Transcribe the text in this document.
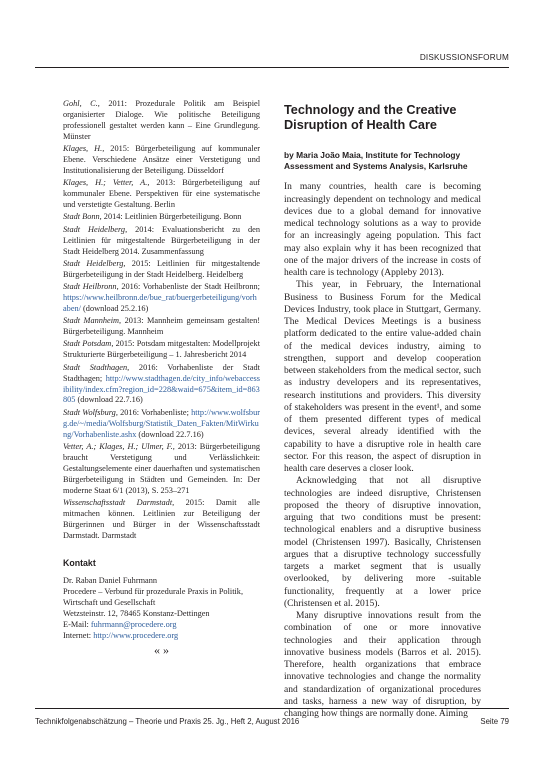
DISKUSSIONSFORUM

Gohl, C., 2011: Prozedurale Politik am Beispiel organisierter Dialoge. Wie politische Beteiligung professionell gestaltet werden kann – Eine Grundlegung. Münster

Klages, H., 2015: Bürgerbeteiligung auf kommunaler Ebene. Verschiedene Ansätze einer Verstetigung und Institutionalisierung der Beteiligung. Düsseldorf

Klages, H.; Vetter, A., 2013: Bürgerbeteiligung auf kommunaler Ebene. Perspektiven für eine systematische und verstetigte Gestaltung. Berlin

Stadt Bonn, 2014: Leitlinien Bürgerbeteiligung. Bonn

Stadt Heidelberg, 2014: Evaluationsbericht zu den Leitlinien für mitgestaltende Bürgerbeteiligung in der Stadt Heidelberg 2014. Zusammenfassung

Stadt Heidelberg, 2015: Leitlinien für mitgestaltende Bürgerbeteiligung in der Stadt Heidelberg. Heidelberg

Stadt Heilbronn, 2016: Vorhabenliste der Stadt Heilbronn; https://www.heilbronn.de/bue_rat/buergerbeteiligung/vorhaben/ (download 25.2.16)

Stadt Mannheim, 2013: Mannheim gemeinsam gestalten! Bürgerbeteiligung. Mannheim

Stadt Potsdam, 2015: Potsdam mitgestalten: Modellprojekt Strukturierte Bürgerbeteiligung – 1. Jahresbericht 2014

Stadt Stadthagen, 2016: Vorhabenliste der Stadt Stadthagen; http://www.stadthagen.de/city_info/webaccessibility/index.cfm?region_id=228&waid=675&item_id=863805 (download 22.7.16)

Stadt Wolfsburg, 2016: Vorhabenliste; http://www.wolfsburg.de/~/media/Wolfsburg/Statistik_Daten_Fakten/MitWirkung/Vorhabenliste.ashx (download 22.7.16)

Vetter, A.; Klages, H.; Ulmer, F., 2013: Bürgerbeteiligung braucht Verstetigung und Verlässlichkeit: Gestaltungselemente einer dauerhaften und systematischen Bürgerbeteiligung in Städten und Gemeinden. In: Der moderne Staat 6/1 (2013), S. 253–271

Wissenschaftsstadt Darmstadt, 2015: Damit alle mitmachen können. Leitlinien zur Beteiligung der Bürgerinnen und Bürger in der Wissenschaftsstadt Darmstadt. Darmstadt

Kontakt

Dr. Raban Daniel Fuhrmann

Procedere – Verbund für prozedurale Praxis in Politik, Wirtschaft und Gesellschaft

Wetzsteinstr. 12, 78465 Konstanz-Dettingen

E-Mail: fuhrmann@procedere.org

Internet: http://www.procedere.org

« »
Technology and the Creative Disruption of Health Care
by Maria João Maia, Institute for Technology Assessment and Systems Analysis, Karlsruhe

In many countries, health care is becoming increasingly dependent on technology and medical devices due to a global demand for innovative medical technology solutions as a way to provide for an increasingly ageing population. This fact may also explain why it has been recognized that one of the major drivers of the increase in costs of health care is technology (Appleby 2013).

This year, in February, the International Business to Business Forum for the Medical Devices Industry, took place in Stuttgart, Germany. The Medical Devices Meetings is a business platform dedicated to the entire value-added chain of the medical devices industry, aiming to strengthen, support and develop cooperation between stakeholders from the medical sector, such as industry developers and its representatives, research institutions and providers. This diversity of stakeholders was present in the event¹, and some of them presented different types of medical devices, several already identified with the capability to have a disruptive role in health care sector. For this reason, the aspect of disruption in health care deserves a closer look.

Acknowledging that not all disruptive technologies are indeed disruptive, Christensen proposed the theory of disruptive innovation, arguing that two conditions must be present: technological enablers and a disruptive business model (Christensen 1997). Basically, Christensen argues that a disruptive technology successfully targets a market segment that is usually overlooked, by delivering more -suitable functionality, frequently at a lower price (Christensen et al. 2015).

Many disruptive innovations result from the combination of one or more innovative technologies and their application through innovative business models (Barros et al. 2015). Therefore, health organizations that embrace innovative technologies and change the normality and standardization of organizational procedures and tasks, harness a new way of disruption, by changing how things are normally done. Aiming

Technikfolgenabschätzung – Theorie und Praxis 25. Jg., Heft 2, August 2016	Seite 79
